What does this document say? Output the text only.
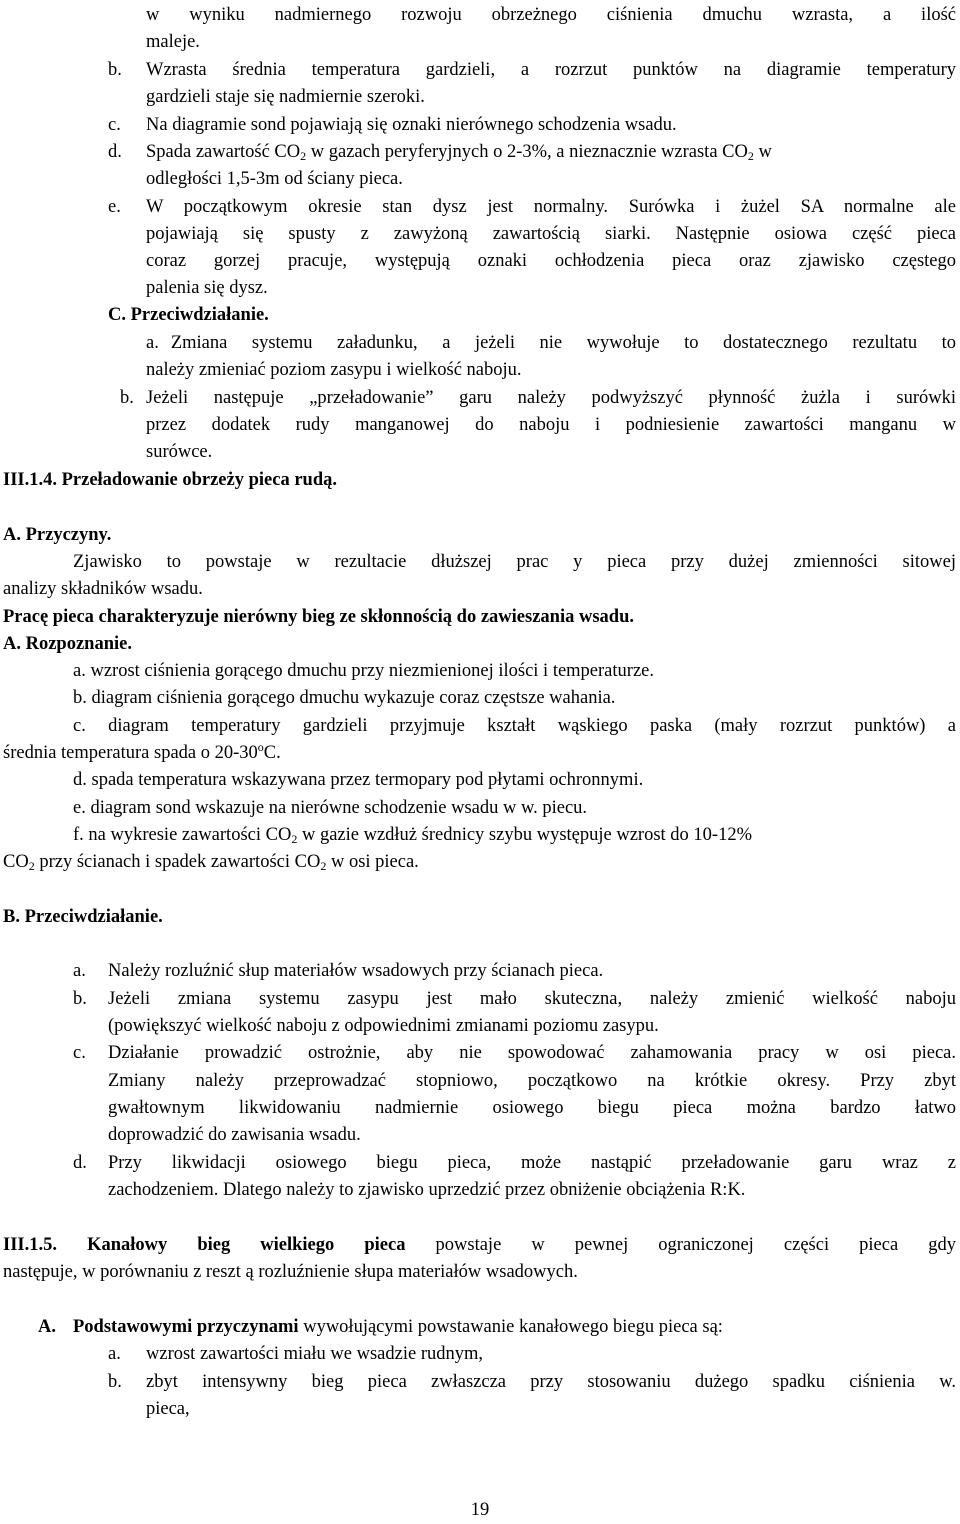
w wyniku nadmiernego rozwoju obrzeżnego ciśnienia dmuchu wzrasta, a ilość
maleje.
b. Wzrasta średnia temperatura gardzieli, a rozrzut punktów na diagramie temperatury
gardzieli staje się nadmiernie szeroki.
c. Na diagramie sond pojawiają się oznaki nierównego schodzenia wsadu.
d. Spada zawartość $CO_2$ w gazach peryferyjnych o 2-3%, a nieznacznie wzrasta $CO_2$ w
odległości 1,5-3m od ściany pieca.
e. W początkowym okresie stan dysz jest normalny. Surówka i żużel SA normalne ale
pojawiają się spusty z zawyżoną zawartością siarki. Następnie osiowa część pieca
coraz gorzej pracuje, występują oznaki ochłodzenia pieca oraz zjawisko częstego
palenia się dysz.
C. Przeciwdziałanie.
a. Zmiana systemu załadunku, a jeżeli nie wywołuje to dostatecznego rezultatu to
należy zmieniać poziom zasypu i wielkość naboju.
b. Jeżeli następuje „przeładowanie” garu należy podwyższyć płynność żużla i surówki
przez dodatek rudy manganowej do naboju i podniesienie zawartości manganu w
surówce.
III.1.4. Przeładowanie obrzeży pieca rudą.
A. Przyczyny.
Zjawisko to powstaje w rezultacie dłuższej prac y pieca przy dużej zmienności sitowej
analizy składników wsadu.
Pracę pieca charakteryzuje nierówny bieg ze skłonnością do zawieszania wsadu.
A. Rozpoznanie.
a. wzrost ciśnienia gorącego dmuchu przy niezmienionej ilości i temperaturze.
b. diagram ciśnienia gorącego dmuchu wykazuje coraz częstsze wahania.
c. diagram temperatury gardzieli przyjmuje kształt wąskiego paska (mały rozrzut punktów) a
średnia temperatura spada o 20-30$^o$C.
d. spada temperatura wskazywana przez termopary pod płytami ochronnymi.
e. diagram sond wskazuje na nierówne schodzenie wsadu w w. piecu.
f. na wykresie zawartości $CO_2$ w gazie wzdłuż średnicy szybu występuje wzrost do 10-12%
$CO_2$ przy ścianach i spadek zawartości $CO_2$ w osi pieca.
B. Przeciwdziałanie.
a. Należy rozluźnić słup materiałów wsadowych przy ścianach pieca.
b. Jeżeli zmiana systemu zasypu jest mało skuteczna, należy zmienić wielkość naboju
(powiększyć wielkość naboju z odpowiednimi zmianami poziomu zasypu.
c. Działanie prowadzić ostrożnie, aby nie spowodować zahamowania pracy w osi pieca.
Zmiany należy przeprowadzać stopniowo, początkowo na krótkie okresy. Przy zbyt
gwałtownym likwidowaniu nadmiernie osiowego biegu pieca można bardzo łatwo
doprowadzić do zawisania wsadu.
d. Przy likwidacji osiowego biegu pieca, może nastąpić przeładowanie garu wraz z
zachodzeniem. Dlatego należy to zjawisko uprzedzić przez obniżenie obciążenia R:K.
III.1.5. Kanałowy bieg wielkiego pieca powstaje w pewnej ograniczonej części pieca gdy
następuje, w porównaniu z reszt ą rozluźnienie słupa materiałów wsadowych.
A. Podstawowymi przyczynami wywołującymi powstawanie kanałowego biegu pieca są:
a. wzrost zawartości miału we wsadzie rudnym,
b. zbyt intensywny bieg pieca zwłaszcza przy stosowaniu dużego spadku ciśnienia w.
pieca,
19
